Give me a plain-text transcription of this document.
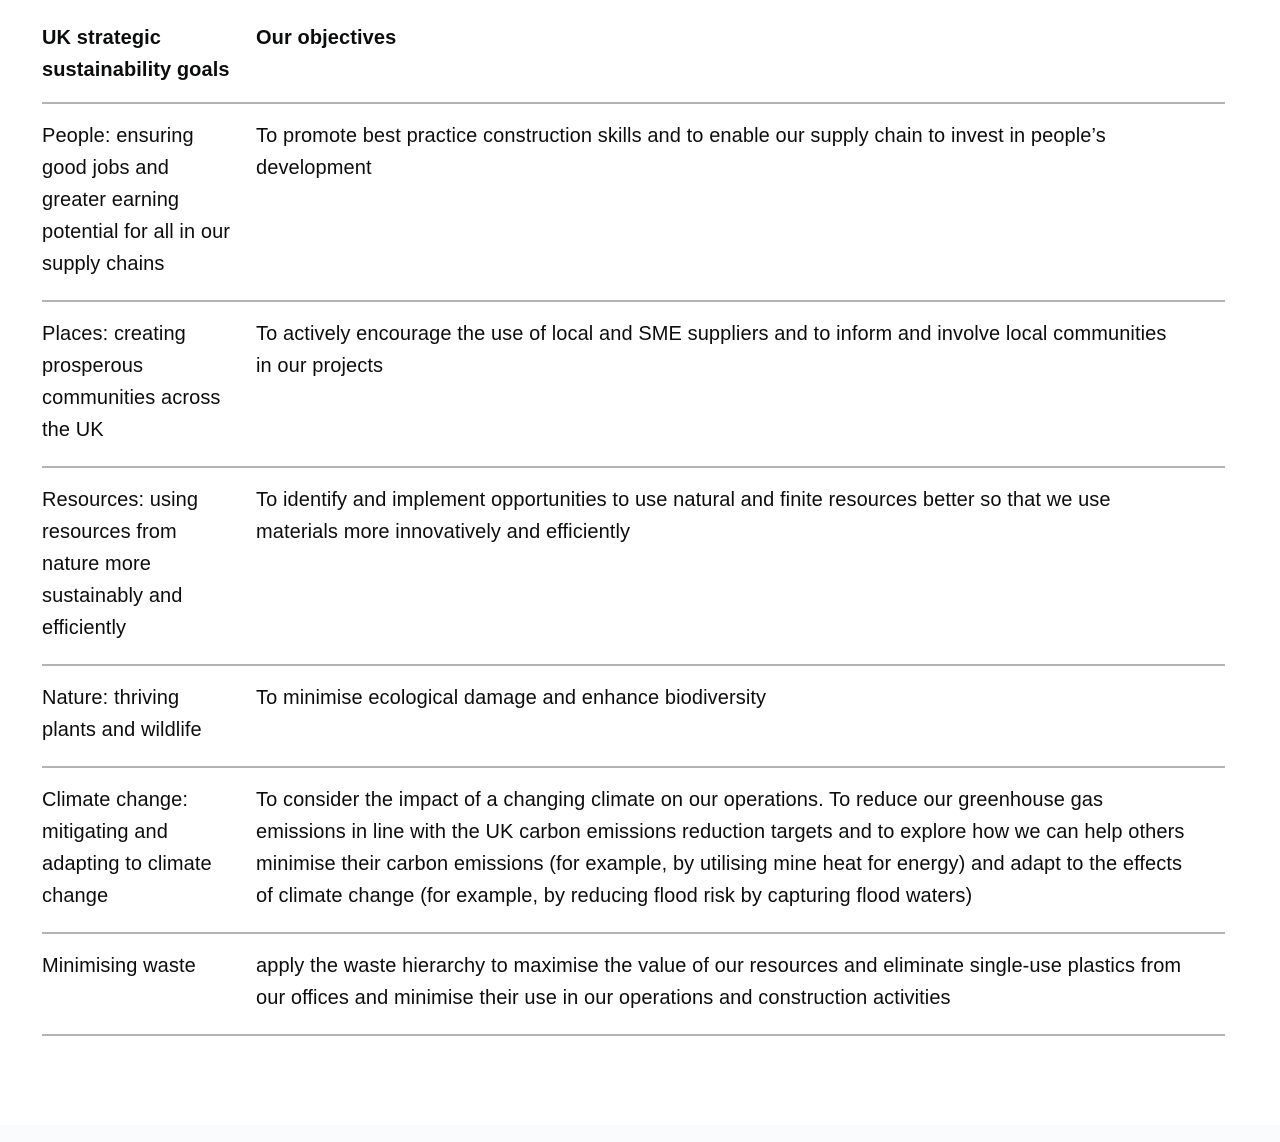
UK strategic sustainability goals	Our objectives
People: ensuring good jobs and greater earning potential for all in our supply chains	To promote best practice construction skills and to enable our supply chain to invest in people’s development
Places: creating prosperous communities across the UK	To actively encourage the use of local and SME suppliers and to inform and involve local communities in our projects
Resources: using resources from nature more sustainably and efficiently	To identify and implement opportunities to use natural and finite resources better so that we use materials more innovatively and efficiently
Nature: thriving plants and wildlife	To minimise ecological damage and enhance biodiversity
Climate change: mitigating and adapting to climate change	To consider the impact of a changing climate on our operations. To reduce our greenhouse gas emissions in line with the UK carbon emissions reduction targets and to explore how we can help others minimise their carbon emissions (for example, by utilising mine heat for energy) and adapt to the effects of climate change (for example, by reducing flood risk by capturing flood waters)
Minimising waste	apply the waste hierarchy to maximise the value of our resources and eliminate single-use plastics from our offices and minimise their use in our operations and construction activities
